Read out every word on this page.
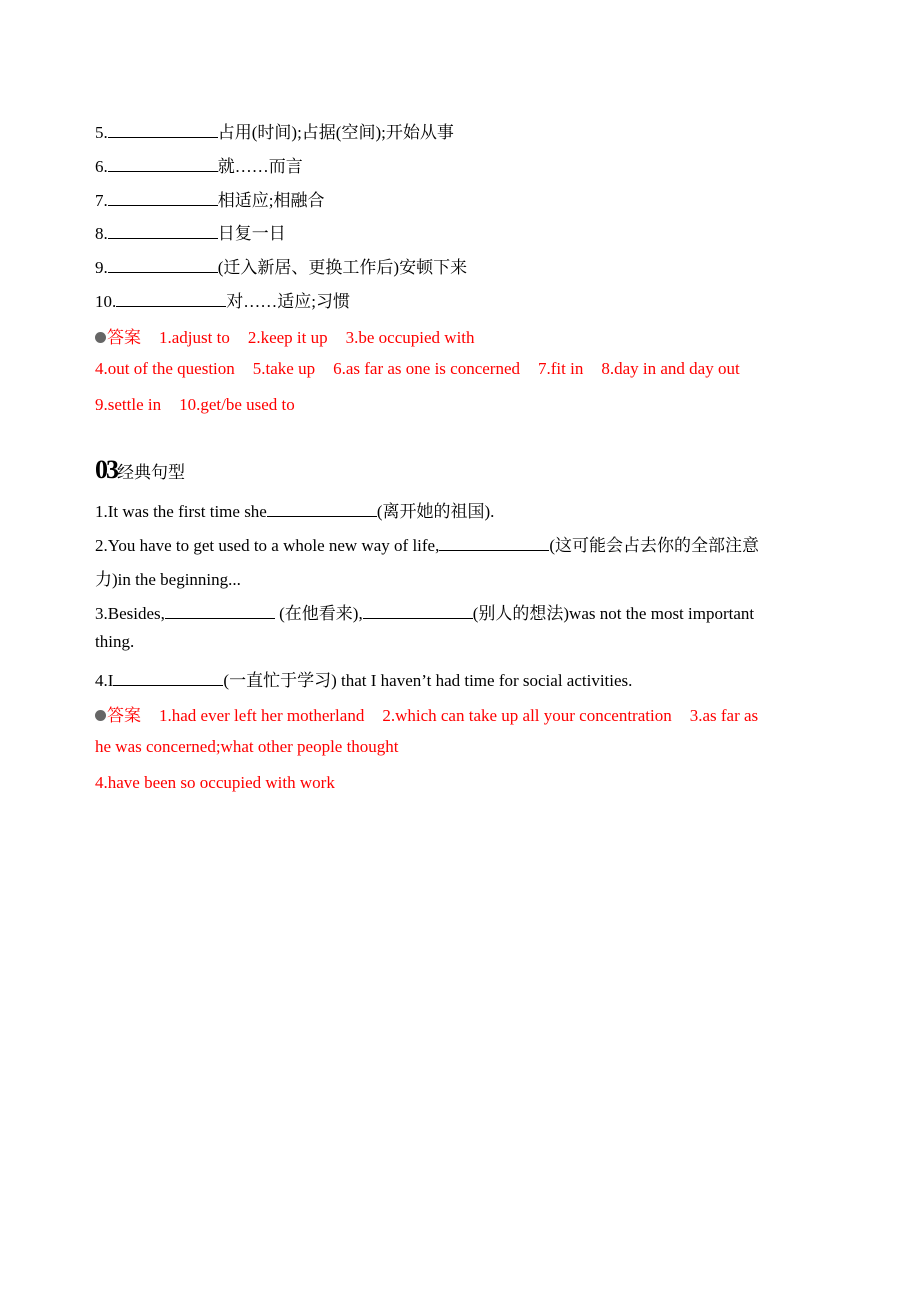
5.	占用(时间);占据(空间);开始从事
6.	就……而言
7.	相适应;相融合
8.	日复一日
9.	(迁入新居、更换工作后)安顿下来
10.	对……适应;习惯
答案 1.adjust to 2.keep it up 3.be occupied with
4.out of the question 5.take up 6.as far as one is concerned 7.fit in 8.day in and day out
9.settle in 10.get/be used to
03经典句型
1.It was the first time she	(离开她的祖国).
2.You have to get used to a whole new way of life,	(这可能会占去你的全部注意
力)in the beginning...
3.Besides,	(在他看来),	(别人的想法)was not the most important
thing.
4.I	(一直忙于学习) that I haven’t had time for social activities.
答案 1.had ever left her motherland 2.which can take up all your concentration 3.as far as
he was concerned;what other people thought
4.have been so occupied with work
